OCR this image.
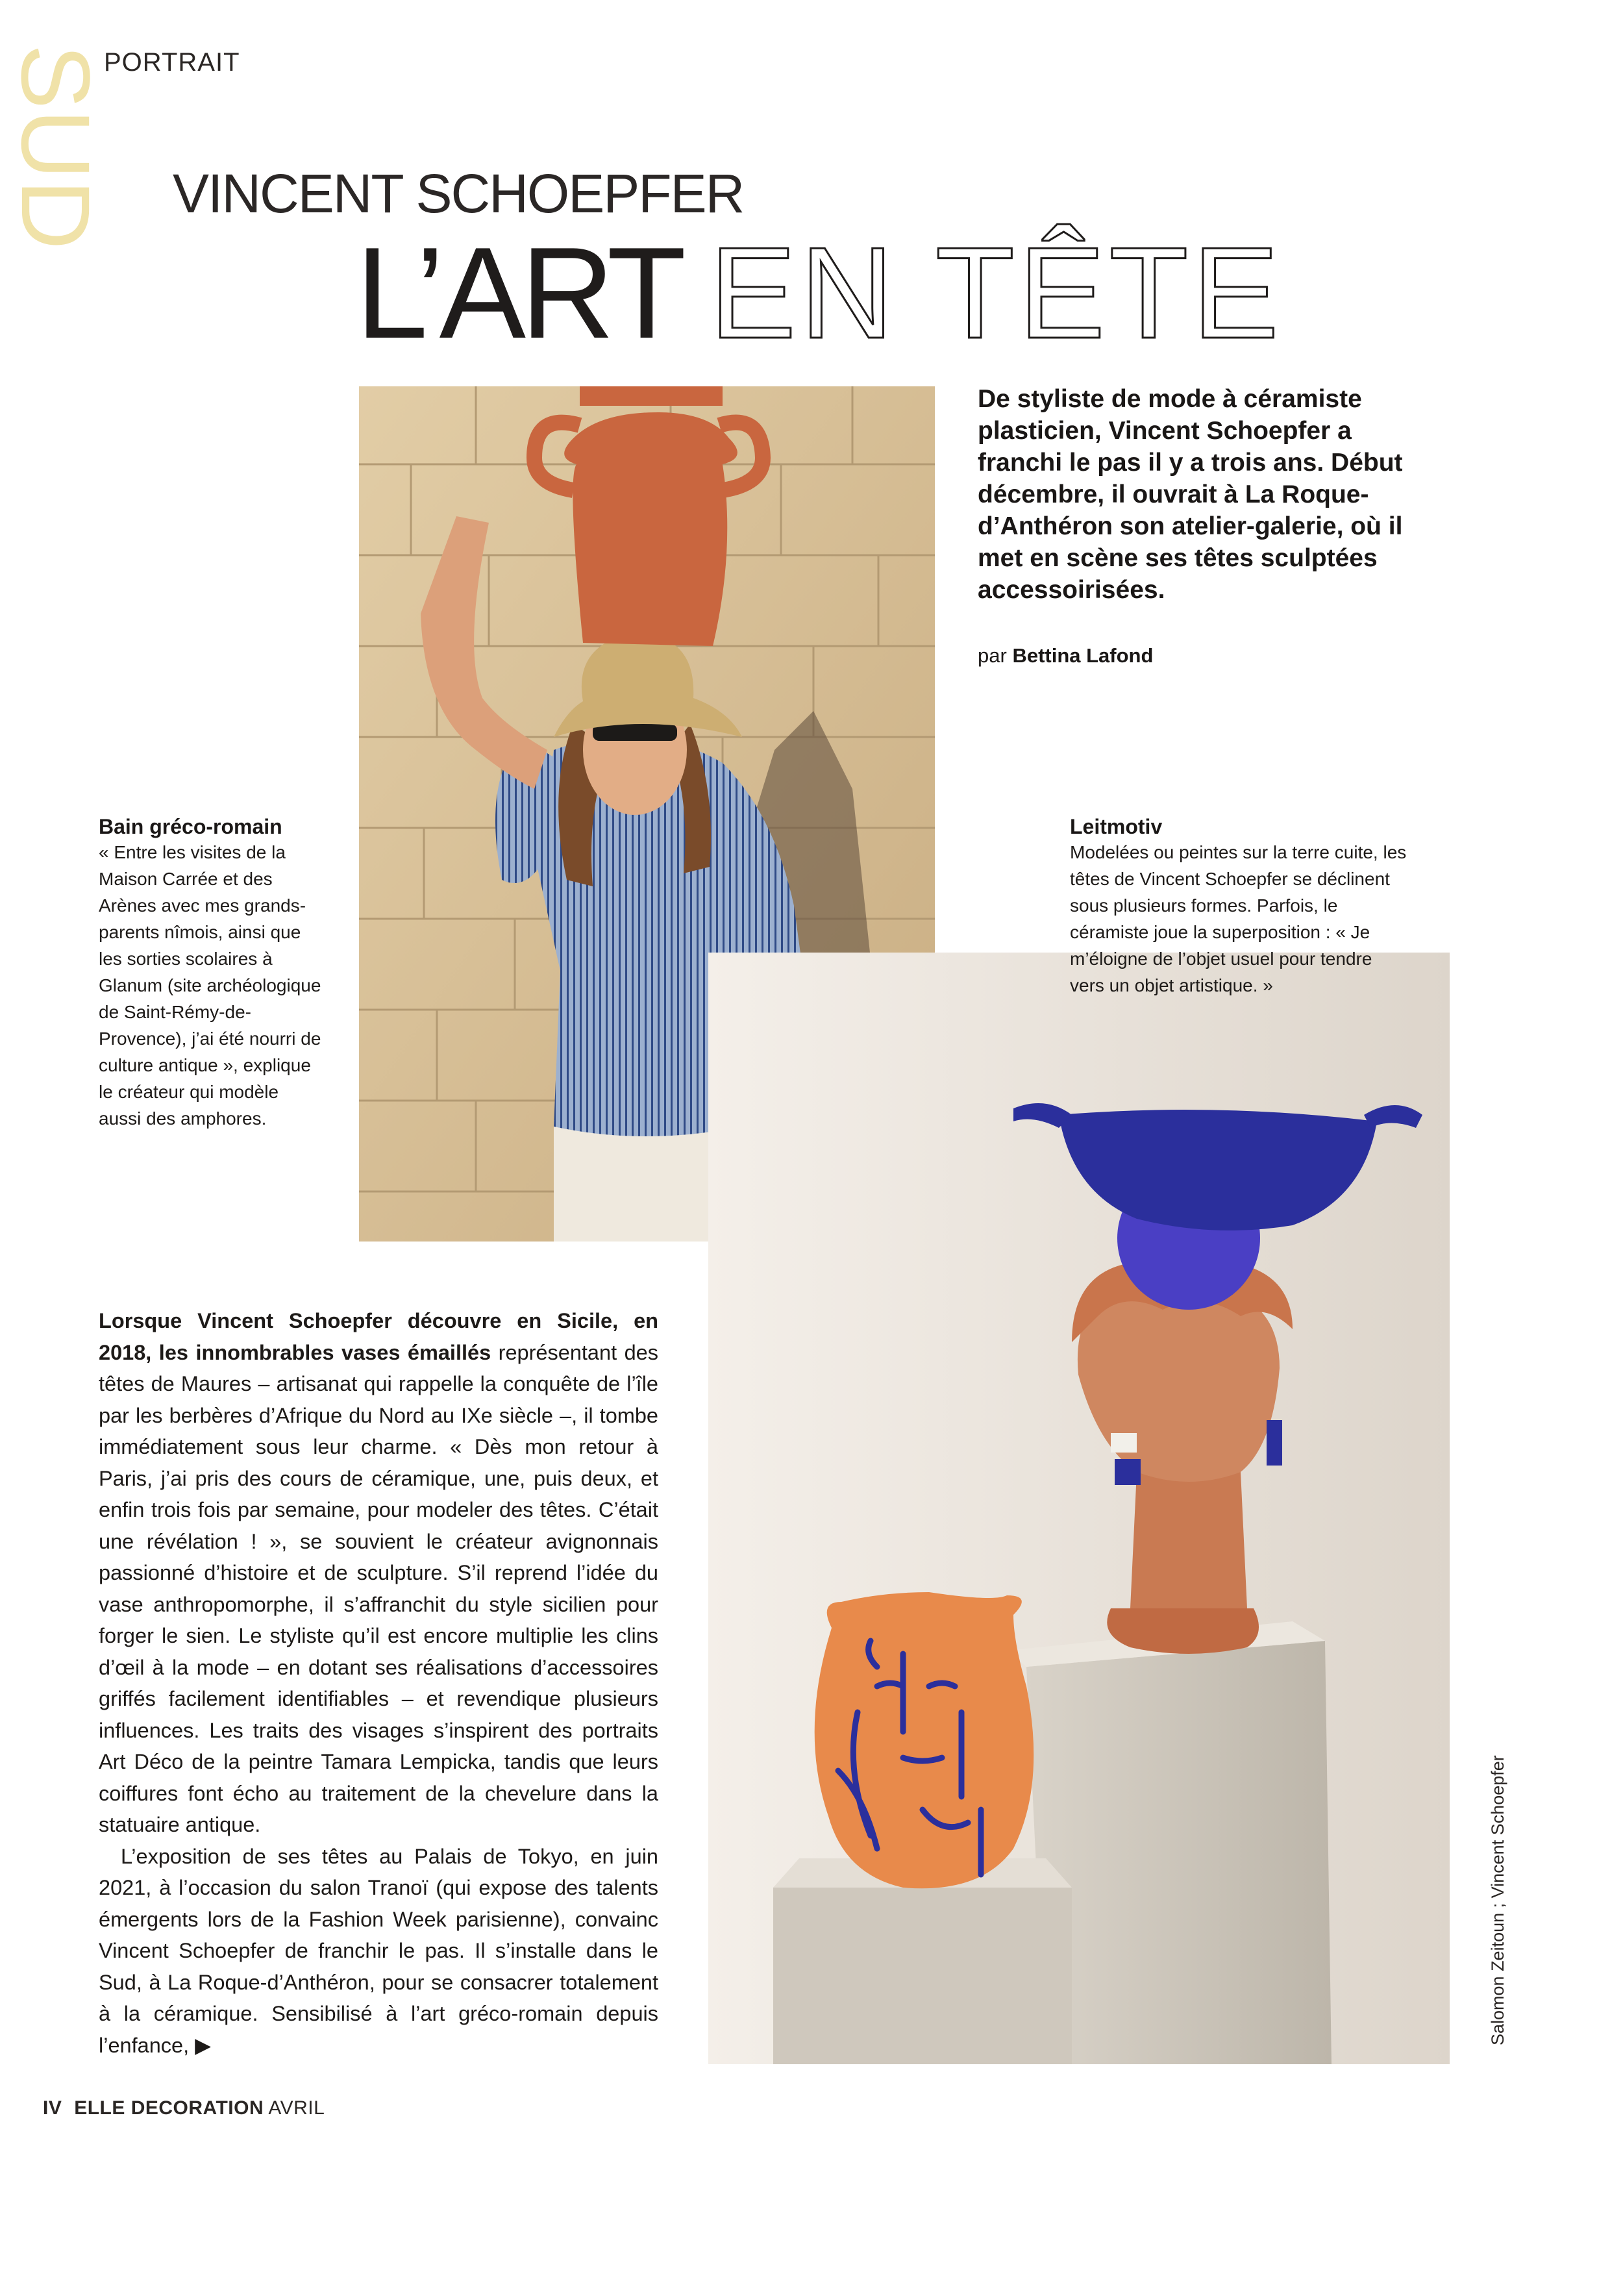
SUD
PORTRAIT
VINCENT SCHOEPFER
L’ART EN TÊTE
De styliste de mode à céramiste plasticien, Vincent Schoepfer a franchi le pas il y a trois ans. Début décembre, il ouvrait à La Roque-d’Anthéron son atelier-galerie, où il met en scène ses têtes sculptées accessoirisées.
par Bettina Lafond
Bain gréco-romain
« Entre les visites de la Maison Carrée et des Arènes avec mes grands-parents nîmois, ainsi que les sorties scolaires à Glanum (site archéologique de Saint-Rémy-de-Provence), j’ai été nourri de culture antique », explique le créateur qui modèle aussi des amphores.
Leitmotiv
Modelées ou peintes sur la terre cuite, les têtes de Vincent Schoepfer se déclinent sous plusieurs formes. Parfois, le céramiste joue la superposition : « Je m’éloigne de l’objet usuel pour tendre vers un objet artistique. »

Lorsque Vincent Schoepfer découvre en Sicile, en 2018, les innombrables vases émaillés représentant des têtes de Maures – artisanat qui rappelle la conquête de l’île par les berbères d’Afrique du Nord au IXe siècle –, il tombe immédiatement sous leur charme. « Dès mon retour à Paris, j’ai pris des cours de céramique, une, puis deux, et enfin trois fois par semaine, pour modeler des têtes. C’était une révélation ! », se souvient le créateur avignonnais passionné d’histoire et de sculpture. S’il reprend l’idée du vase anthropomorphe, il s’affranchit du style sicilien pour forger le sien. Le styliste qu’il est encore multiplie les clins d’œil à la mode – en dotant ses réalisations d’accessoires griffés facilement identifiables – et revendique plusieurs influences. Les traits des visages s’inspirent des portraits Art Déco de la peintre Tamara Lempicka, tandis que leurs coiffures font écho au traitement de la chevelure dans la statuaire antique.

L’exposition de ses têtes au Palais de Tokyo, en juin 2021, à l’occasion du salon Tranoï (qui expose des talents émergents lors de la Fashion Week parisienne), convainc Vincent Schoepfer de franchir le pas. Il s’installe dans le Sud, à La Roque-d’Anthéron, pour se consacrer totalement à la céramique. Sensibilisé à l’art gréco-romain depuis l’enfance, ▶	Salomon Zeitoun ; Vincent Schoepfer
IV ELLE DECORATION AVRIL
